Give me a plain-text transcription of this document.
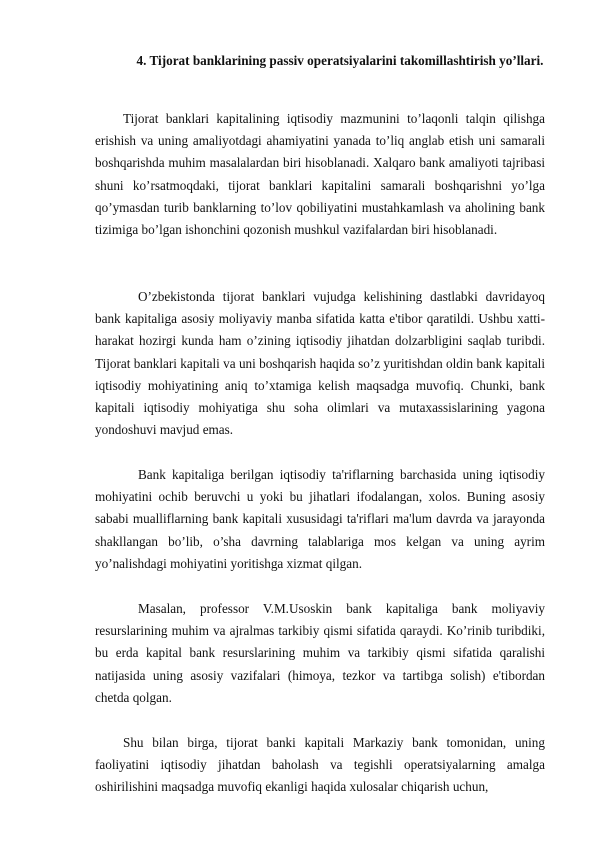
4. Tijorat banklarining passiv operatsiyalarini takomillashtirish yo’llari.

Tijorat banklari kapitalining iqtisodiy mazmunini to’laqonli talqin qilishga erishish va uning amaliyotdagi ahamiyatini yanada to’liq anglab etish uni samarali boshqarishda muhim masalalardan biri hisoblanadi. Xalqaro bank amaliyoti tajribasi shuni ko’rsatmoqdaki, tijorat banklari kapitalini samarali boshqarishni yo’lga qo’ymasdan turib banklarning to’lov qobiliyatini mustahkamlash va aholining bank tizimiga bo’lgan ishonchini qozonish mushkul vazifalardan biri hisoblanadi.

O’zbekistonda tijorat banklari vujudga kelishining dastlabki davridayoq bank kapitaliga asosiy moliyaviy manba sifatida katta e'tibor qaratildi. Ushbu xatti-harakat hozirgi kunda ham o’zining iqtisodiy jihatdan dolzarbligini saqlab turibdi. Tijorat banklari kapitali va uni boshqarish haqida so’z yuritishdan oldin bank kapitali iqtisodiy mohiyatining aniq to’xtamiga kelish maqsadga muvofiq. Chunki, bank kapitali iqtisodiy mohiyatiga shu soha olimlari va mutaxassislarining yagona yondoshuvi mavjud emas.

Bank kapitaliga berilgan iqtisodiy ta'riflarning barchasida uning iqtisodiy mohiyatini ochib beruvchi u yoki bu jihatlari ifodalangan, xolos. Buning asosiy sababi mualliflarning bank kapitali xususidagi ta'riflari ma'lum davrda va jarayonda shakllangan bo’lib, o’sha davrning talablariga mos kelgan va uning ayrim yo’nalishdagi mohiyatini yoritishga xizmat qilgan.

Masalan, professor V.M.Usoskin bank kapitaliga bank moliyaviy resurslarining muhim va ajralmas tarkibiy qismi sifatida qaraydi. Ko’rinib turibdiki, bu erda kapital bank resurslarining muhim va tarkibiy qismi sifatida qaralishi natijasida uning asosiy vazifalari (himoya, tezkor va tartibga solish) e'tibordan chetda qolgan.

Shu bilan birga, tijorat banki kapitali Markaziy bank tomonidan, uning faoliyatini iqtisodiy jihatdan baholash va tegishli operatsiyalarning amalga oshirilishini maqsadga muvofiq ekanligi haqida xulosalar chiqarish uchun,
